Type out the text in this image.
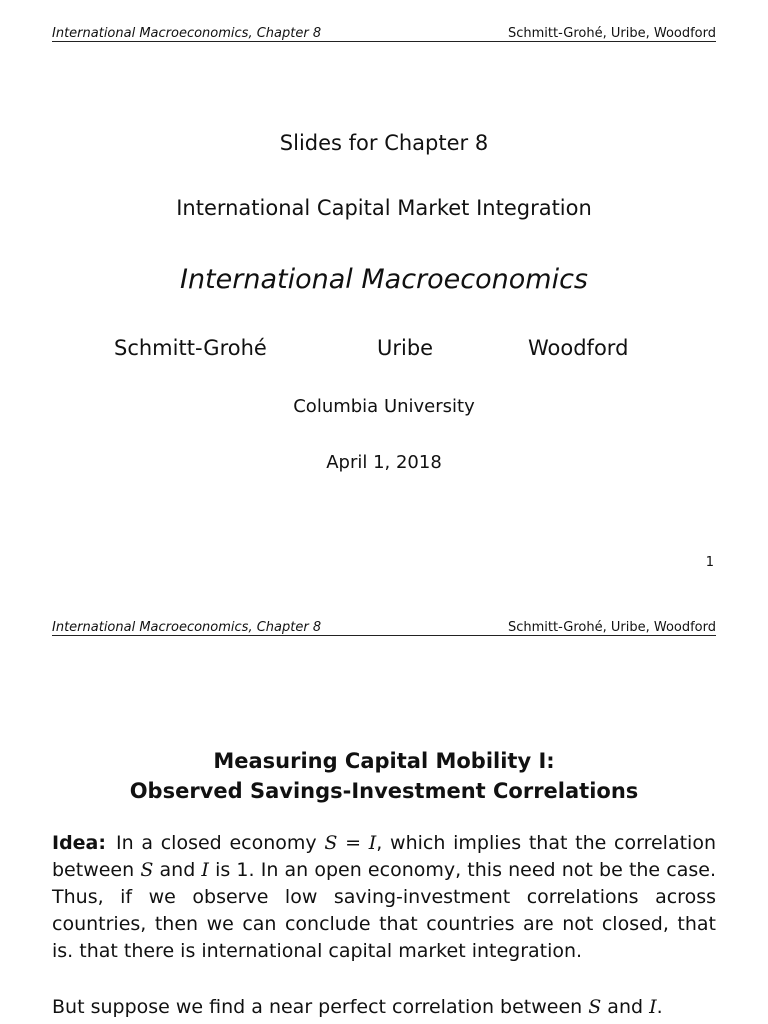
International Macroeconomics, Chapter 8	Schmitt-Grohé, Uribe, Woodford
Slides for Chapter 8
International Capital Market Integration
International Macroeconomics
Schmitt-Grohé	Uribe	Woodford
Columbia University
April 1, 2018
1
International Macroeconomics, Chapter 8	Schmitt-Grohé, Uribe, Woodford
Measuring Capital Mobility I:
Observed Savings-Investment Correlations
Idea: In a closed economy S = I, which implies that the correlation between S and I is 1. In an open economy, this need not be the case. Thus, if we observe low saving-investment correlations across countries, then we can conclude that countries are not closed, that is. that there is international capital market integration.
But suppose we find a near perfect correlation between S and I.
